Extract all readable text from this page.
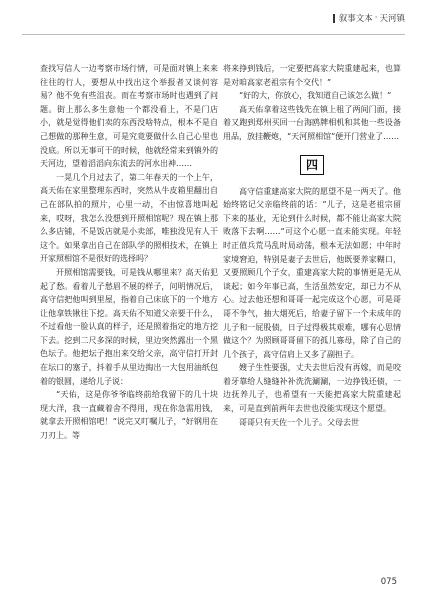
叙事文本 · 天河镇

查找写信人一边考察市场行情，可是面对镇上来来往往的行人，要想从中找出这个举报者又谈何容易？他不免有些沮丧。而在考察市场时也遇到了问题。街上那么多生意他一个都没看上，不是门店小，就是觉得他们卖的东西没啥特点，根本不是自己想做的那种生意，可是究竟要做什么自己心里也没底。所以无事可干的时候，他就经常来到镇外的天河边，望着滔滔向东流去的河水出神……

一晃几个月过去了，第二年春天的一个上午，高天佑在家里整理东西时，突然从牛皮箱里翻出自己在部队拍的照片，心里一动，不由惊喜地叫起来，哎呀，我怎么没想到开照相馆呢？现在镇上那么多店铺，不是饭店就是小卖部，唯独没见有人干这个。如果拿出自己在部队学的照相技术，在镇上开家照相馆不是很好的选择吗？

开照相馆需要钱，可是钱从哪里来？高天佑犯起了愁。看着儿子愁眉不展的样子，问明情况后，高守信把他叫到里屋，指着自己床底下的一个地方让他拿铁锹往下挖。高天佑不知道父亲要干什么，不过看他一脸认真的样子，还是照着指定的地方挖下去。挖到二尺多深的时候，里边突然露出一个黑色坛子。他把坛子抱出来交给父亲，高守信打开封在坛口的塞子，抖着手从里边掏出一大包用油纸包着的银圆，递给儿子说：

“天佑，这是你爷爷临终前给我留下的几十块现大洋，我一直藏着舍不得用，现在你急需用钱，就拿去开照相馆吧！”说完又叮嘱儿子，“好钢用在刀刃上。等

将来挣到钱后，一定要把高家大院重建起来，也算是对咱高家老祖宗有个交代！”

“好的大，你放心，我知道自己该怎么做！”

高天佑拿着这些钱先在镇上租了两间门面，接着又跑到郑州买回一台海鸥牌相机和其他一些设备用品，放挂鞭炮，“天河照相馆”便开门营业了……

四

高守信重建高家大院的愿望不是一两天了。他始终铭记父亲临终前的话：“儿子，这是老祖宗留下来的基业，无论到什么时候，都不能让高家大院败落下去啊……”可这个心愿一直未能实现。年轻时正值兵荒马乱时局动荡，根本无法如愿；中年时家境窘迫，特别是妻子去世后，他既要养家糊口，又要照顾几个子女，重建高家大院的事情更是无从谈起；如今年事已高，生活虽然安定，却已力不从心。过去他还想和哥哥一起完成这个心愿，可是哥哥不争气，抽大烟死后，给妻子留下一个未成年的儿子和一屁股债，日子过得极其艰难，哪有心思情做这个？为照顾哥哥留下的孤儿寡母，除了自己的几个孩子，高守信肩上又多了副担子。

嫂子生性要强，丈夫去世后没有再嫁，而是咬着牙靠给人缝缝补补洗洗涮涮，一边挣钱还债，一边抚养儿子，也希望有一天能把高家大院重建起来，可是直到前两年去世也没能实现这个愿望。

哥哥只有天佐一个儿子。父母去世

075
